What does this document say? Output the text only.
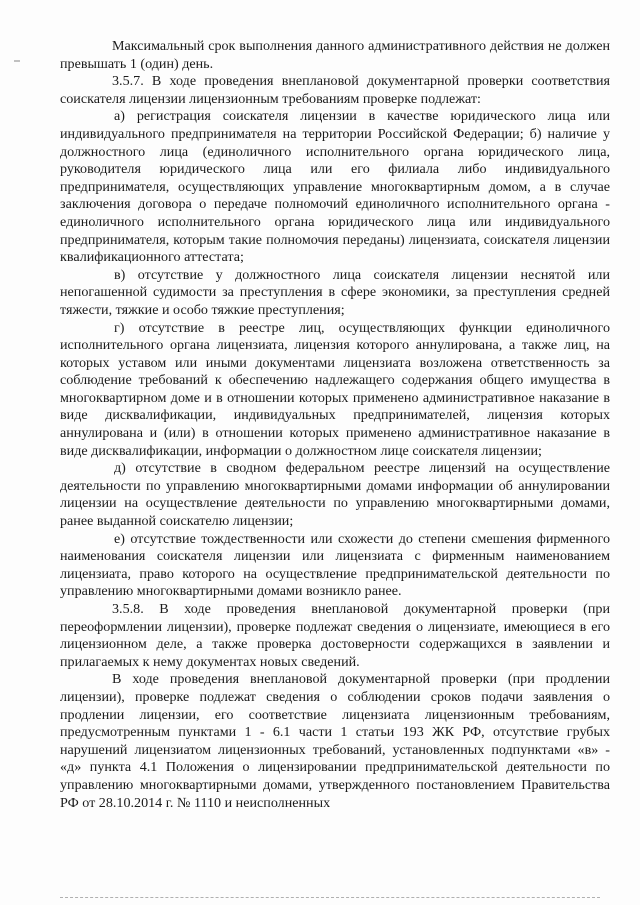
Максимальный срок выполнения данного административного действия не должен превышать 1 (один) день.

3.5.7. В ходе проведения внеплановой документарной проверки соответствия соискателя лицензии лицензионным требованиям проверке подлежат:

а) регистрация соискателя лицензии в качестве юридического лица или индивидуального предпринимателя на территории Российской Федерации; б) наличие у должностного лица (единоличного исполнительного органа юридического лица, руководителя юридического лица или его филиала либо индивидуального предпринимателя, осуществляющих управление многоквартирным домом, а в случае заключения договора о передаче полномочий единоличного исполнительного органа - единоличного исполнительного органа юридического лица или индивидуального предпринимателя, которым такие полномочия переданы) лицензиата, соискателя лицензии квалификационного аттестата;

в) отсутствие у должностного лица соискателя лицензии неснятой или непогашенной судимости за преступления в сфере экономики, за преступления средней тяжести, тяжкие и особо тяжкие преступления;

г) отсутствие в реестре лиц, осуществляющих функции единоличного исполнительного органа лицензиата, лицензия которого аннулирована, а также лиц, на которых уставом или иными документами лицензиата возложена ответственность за соблюдение требований к обеспечению надлежащего содержания общего имущества в многоквартирном доме и в отношении которых применено административное наказание в виде дисквалификации, индивидуальных предпринимателей, лицензия которых аннулирована и (или) в отношении которых применено административное наказание в виде дисквалификации, информации о должностном лице соискателя лицензии;

д) отсутствие в сводном федеральном реестре лицензий на осуществление деятельности по управлению многоквартирными домами информации об аннулировании лицензии на осуществление деятельности по управлению многоквартирными домами, ранее выданной соискателю лицензии;

е) отсутствие тождественности или схожести до степени смешения фирменного наименования соискателя лицензии или лицензиата с фирменным наименованием лицензиата, право которого на осуществление предпринимательской деятельности по управлению многоквартирными домами возникло ранее.

3.5.8. В ходе проведения внеплановой документарной проверки (при переоформлении лицензии), проверке подлежат сведения о лицензиате, имеющиеся в его лицензионном деле, а также проверка достоверности содержащихся в заявлении и прилагаемых к нему документах новых сведений.

В ходе проведения внеплановой документарной проверки (при продлении лицензии), проверке подлежат сведения о соблюдении сроков подачи заявления о продлении лицензии, его соответствие лицензиата лицензионным требованиям, предусмотренным пунктами 1 - 6.1 части 1 статьи 193 ЖК РФ, отсутствие грубых нарушений лицензиатом лицензионных требований, установленных подпунктами «в» - «д» пункта 4.1 Положения о лицензировании предпринимательской деятельности по управлению многоквартирными домами, утвержденного постановлением Правительства РФ от 28.10.2014 г. № 1110 и неисполненных
